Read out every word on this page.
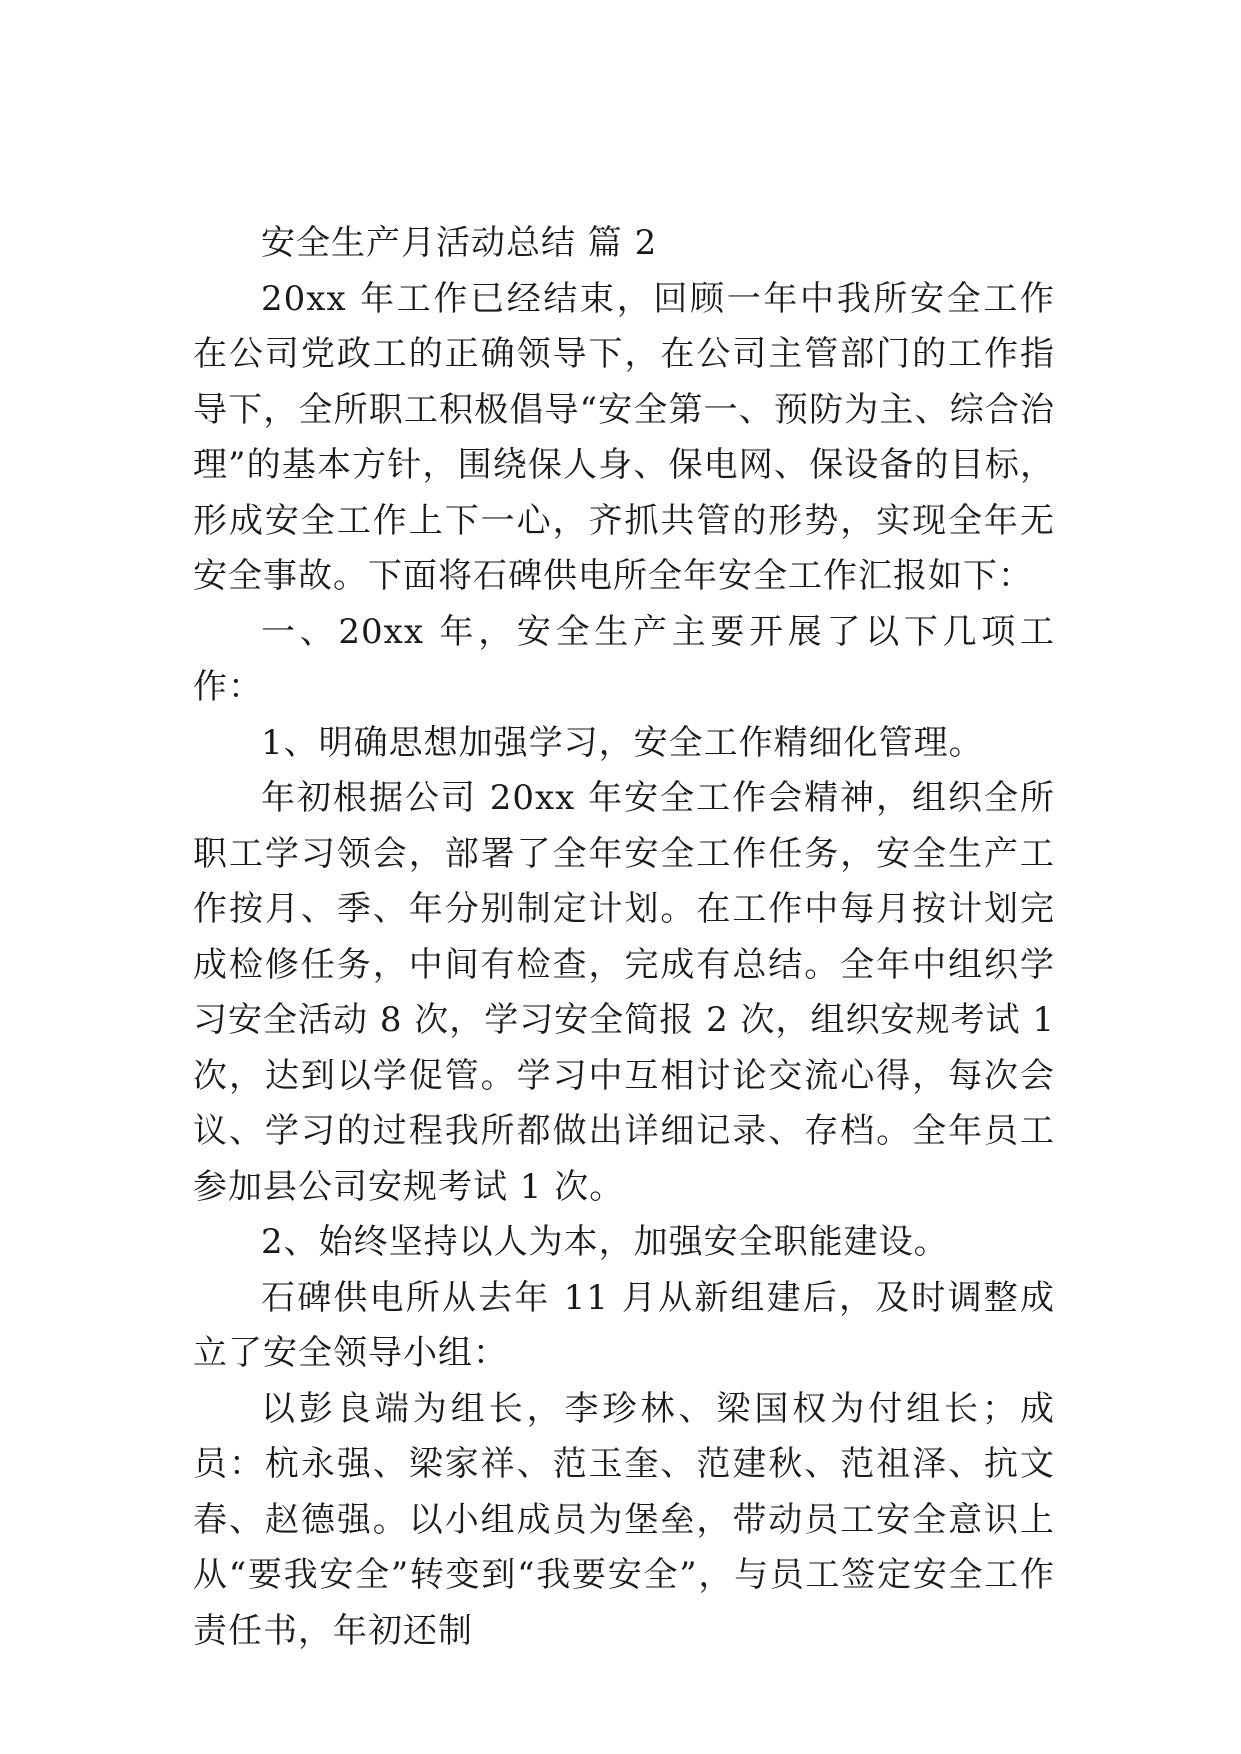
安全生产月活动总结 篇 2

20xx 年工作已经结束，回顾一年中我所安全工作在公司党政工的正确领导下，在公司主管部门的工作指导下，全所职工积极倡导“安全第一、预防为主、综合治理”的基本方针，围绕保人身、保电网、保设备的目标，形成安全工作上下一心，齐抓共管的形势，实现全年无安全事故。下面将石碑供电所全年安全工作汇报如下：

一、20xx 年，安全生产主要开展了以下几项工作：

1、明确思想加强学习，安全工作精细化管理。

年初根据公司 20xx 年安全工作会精神，组织全所职工学习领会，部署了全年安全工作任务，安全生产工作按月、季、年分别制定计划。在工作中每月按计划完成检修任务，中间有检查，完成有总结。全年中组织学习安全活动 8 次，学习安全简报 2 次，组织安规考试 1 次，达到以学促管。学习中互相讨论交流心得，每次会议、学习的过程我所都做出详细记录、存档。全年员工参加县公司安规考试 1 次。

2、始终坚持以人为本，加强安全职能建设。

石碑供电所从去年 11 月从新组建后，及时调整成立了安全领导小组：

以彭良端为组长，李珍林、梁国权为付组长；成员：杭永强、梁家祥、范玉奎、范建秋、范祖泽、抗文春、赵德强。以小组成员为堡垒，带动员工安全意识上从“要我安全”转变到“我要安全”，与员工签定安全工作责任书，年初还制
